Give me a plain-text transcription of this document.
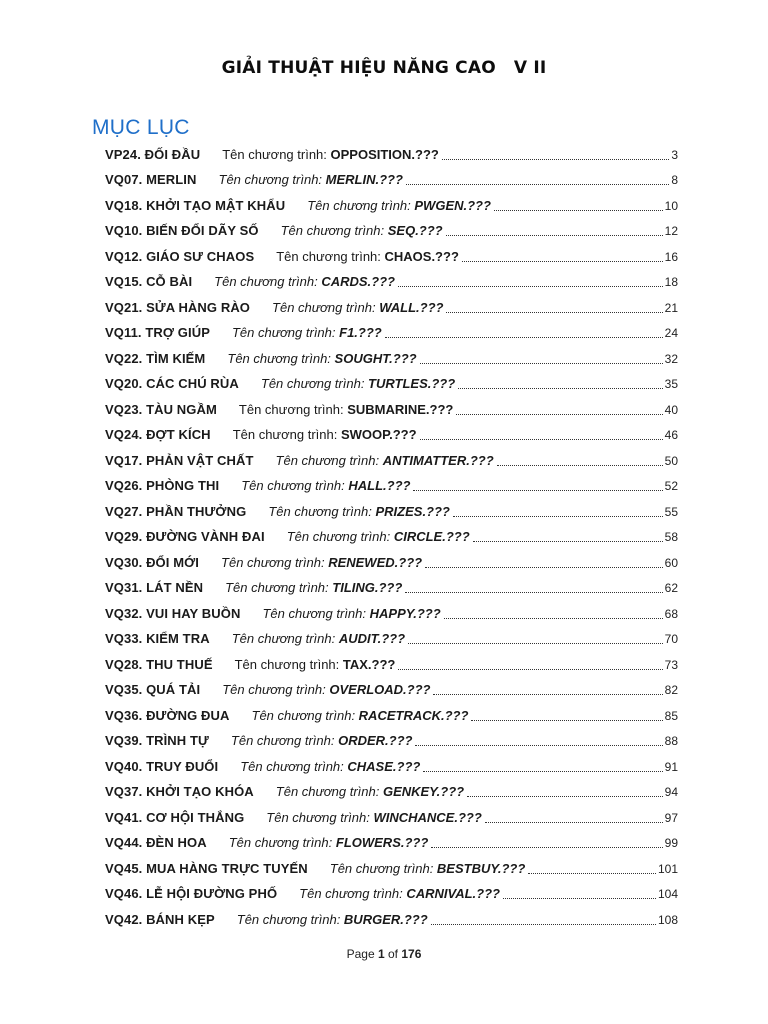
GIẢI THUẬT HIỆU NĂNG CAO V II
MỤC LỤC
VP24. ĐỐI ĐẦU Tên chương trình: OPPOSITION.???	3
VQ07. MERLIN Tên chương trình: MERLIN.???	8
VQ18. KHỞI TẠO MẬT KHẨU Tên chương trình: PWGEN.???	10
VQ10. BIẾN ĐỔI DÃY SỐ Tên chương trình: SEQ.???	12
VQ12. GIÁO SƯ CHAOS Tên chương trình: CHAOS.???	16
VQ15. CỖ BÀI Tên chương trình: CARDS.???	18
VQ21. SỬA HÀNG RÀO Tên chương trình: WALL.???	21
VQ11. TRỢ GIÚP Tên chương trình: F1.???	24
VQ22. TÌM KIẾM Tên chương trình: SOUGHT.???	32
VQ20. CÁC CHÚ RÙA Tên chương trình: TURTLES.???	35
VQ23. TÀU NGẦM Tên chương trình: SUBMARINE.???	40
VQ24. ĐỢT KÍCH Tên chương trình: SWOOP.???	46
VQ17. PHẢN VẬT CHẤT Tên chương trình: ANTIMATTER.???	50
VQ26. PHÒNG THI Tên chương trình: HALL.???	52
VQ27. PHẦN THƯỞNG Tên chương trình: PRIZES.???	55
VQ29. ĐƯỜNG VÀNH ĐAI Tên chương trình: CIRCLE.???	58
VQ30. ĐỔI MỚI Tên chương trình: RENEWED.???	60
VQ31. LÁT NỀN Tên chương trình: TILING.???	62
VQ32. VUI HAY BUỒN Tên chương trình: HAPPY.???	68
VQ33. KIỂM TRA Tên chương trình: AUDIT.???	70
VQ28. THU THUẾ Tên chương trình: TAX.???	73
VQ35. QUÁ TẢI Tên chương trình: OVERLOAD.???	82
VQ36. ĐƯỜNG ĐUA Tên chương trình: RACETRACK.???	85
VQ39. TRÌNH TỰ Tên chương trình: ORDER.???	88
VQ40. TRUY ĐUỔI Tên chương trình: CHASE.???	91
VQ37. KHỞI TẠO KHÓA Tên chương trình: GENKEY.???	94
VQ41. CƠ HỘI THẮNG Tên chương trình: WINCHANCE.???	97
VQ44. ĐÈN HOA Tên chương trình: FLOWERS.???	99
VQ45. MUA HÀNG TRỰC TUYẾN Tên chương trình: BESTBUY.???	101
VQ46. LỄ HỘI ĐƯỜNG PHỐ Tên chương trình: CARNIVAL.???	104
VQ42. BÁNH KẸP Tên chương trình: BURGER.???	108
Page 1 of 176
